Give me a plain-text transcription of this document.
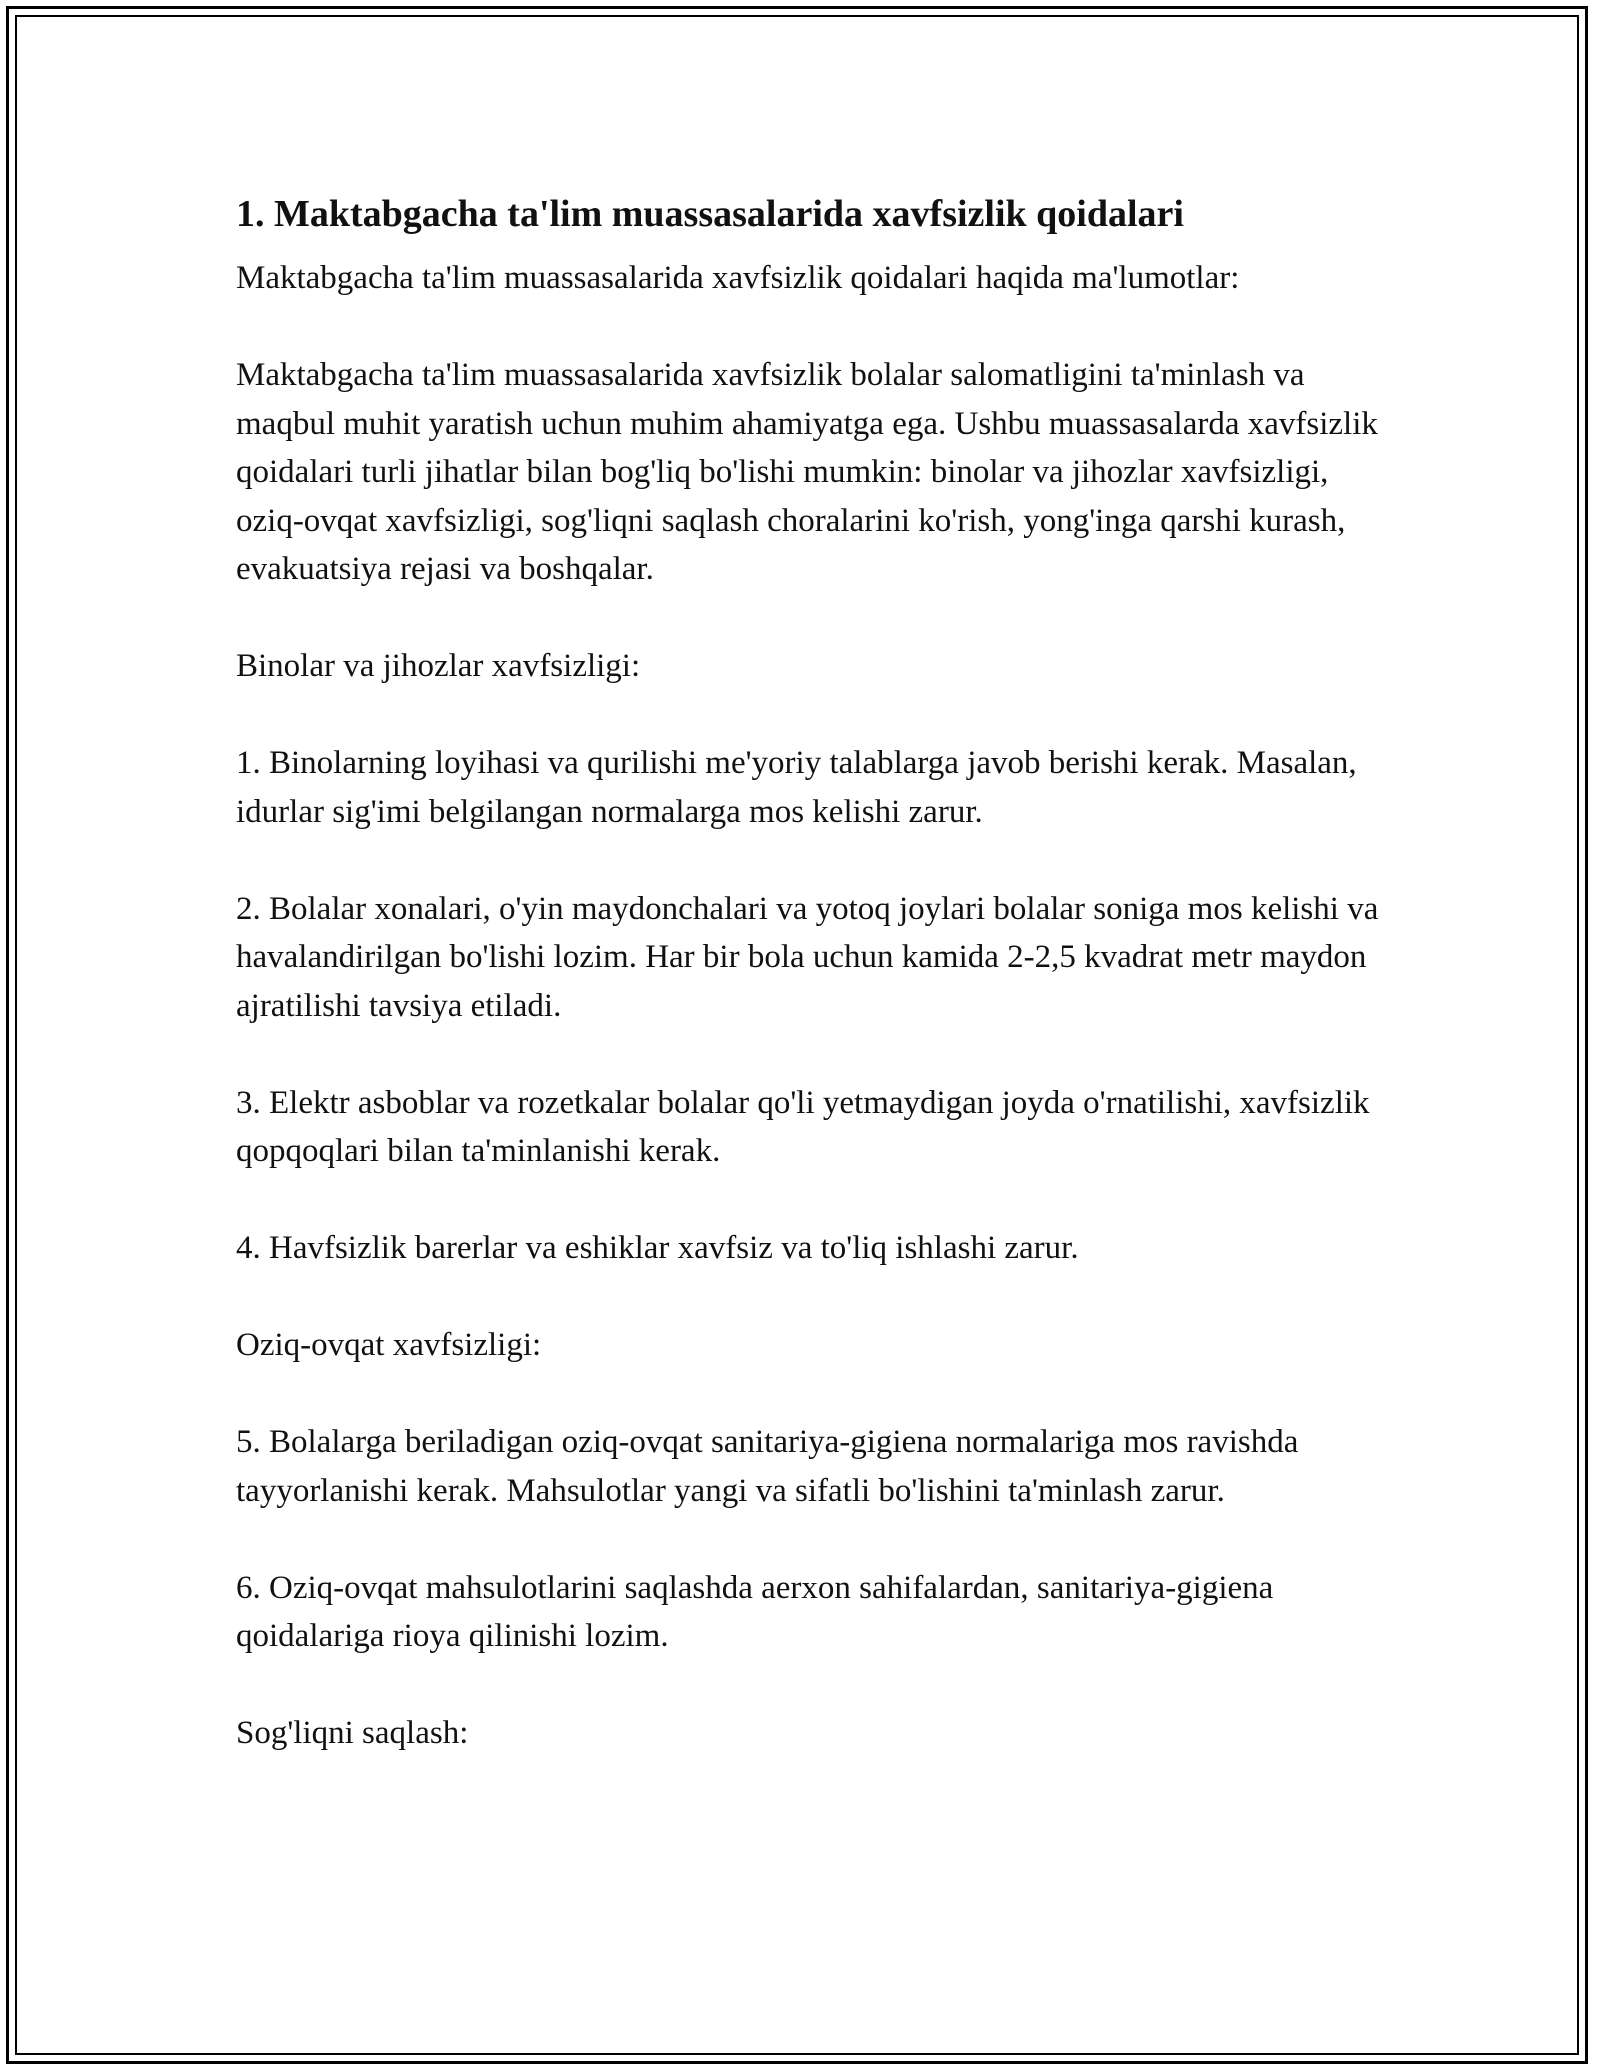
1. Maktabgacha ta'lim muassasalarida xavfsizlik qoidalari

Maktabgacha ta'lim muassasalarida xavfsizlik qoidalari haqida ma'lumotlar:

Maktabgacha ta'lim muassasalarida xavfsizlik bolalar salomatligini ta'minlash va maqbul muhit yaratish uchun muhim ahamiyatga ega. Ushbu muassasalarda xavfsizlik qoidalari turli jihatlar bilan bog'liq bo'lishi mumkin: binolar va jihozlar xavfsizligi, oziq-ovqat xavfsizligi, sog'liqni saqlash choralarini ko'rish, yong'inga qarshi kurash, evakuatsiya rejasi va boshqalar.

Binolar va jihozlar xavfsizligi:

1. Binolarning loyihasi va qurilishi me'yoriy talablarga javob berishi kerak. Masalan, idurlar sig'imi belgilangan normalarga mos kelishi zarur.

2. Bolalar xonalari, o'yin maydonchalari va yotoq joylari bolalar soniga mos kelishi va havalandirilgan bo'lishi lozim. Har bir bola uchun kamida 2-2,5 kvadrat metr maydon ajratilishi tavsiya etiladi.

3. Elektr asboblar va rozetkalar bolalar qo'li yetmaydigan joyda o'rnatilishi, xavfsizlik qopqoqlari bilan ta'minlanishi kerak.

4. Havfsizlik barerlar va eshiklar xavfsiz va to'liq ishlashi zarur.

Oziq-ovqat xavfsizligi:

5. Bolalarga beriladigan oziq-ovqat sanitariya-gigiena normalariga mos ravishda tayyorlanishi kerak. Mahsulotlar yangi va sifatli bo'lishini ta'minlash zarur.

6. Oziq-ovqat mahsulotlarini saqlashda aerxon sahifalardan, sanitariya-gigiena qoidalariga rioya qilinishi lozim.

Sog'liqni saqlash:
